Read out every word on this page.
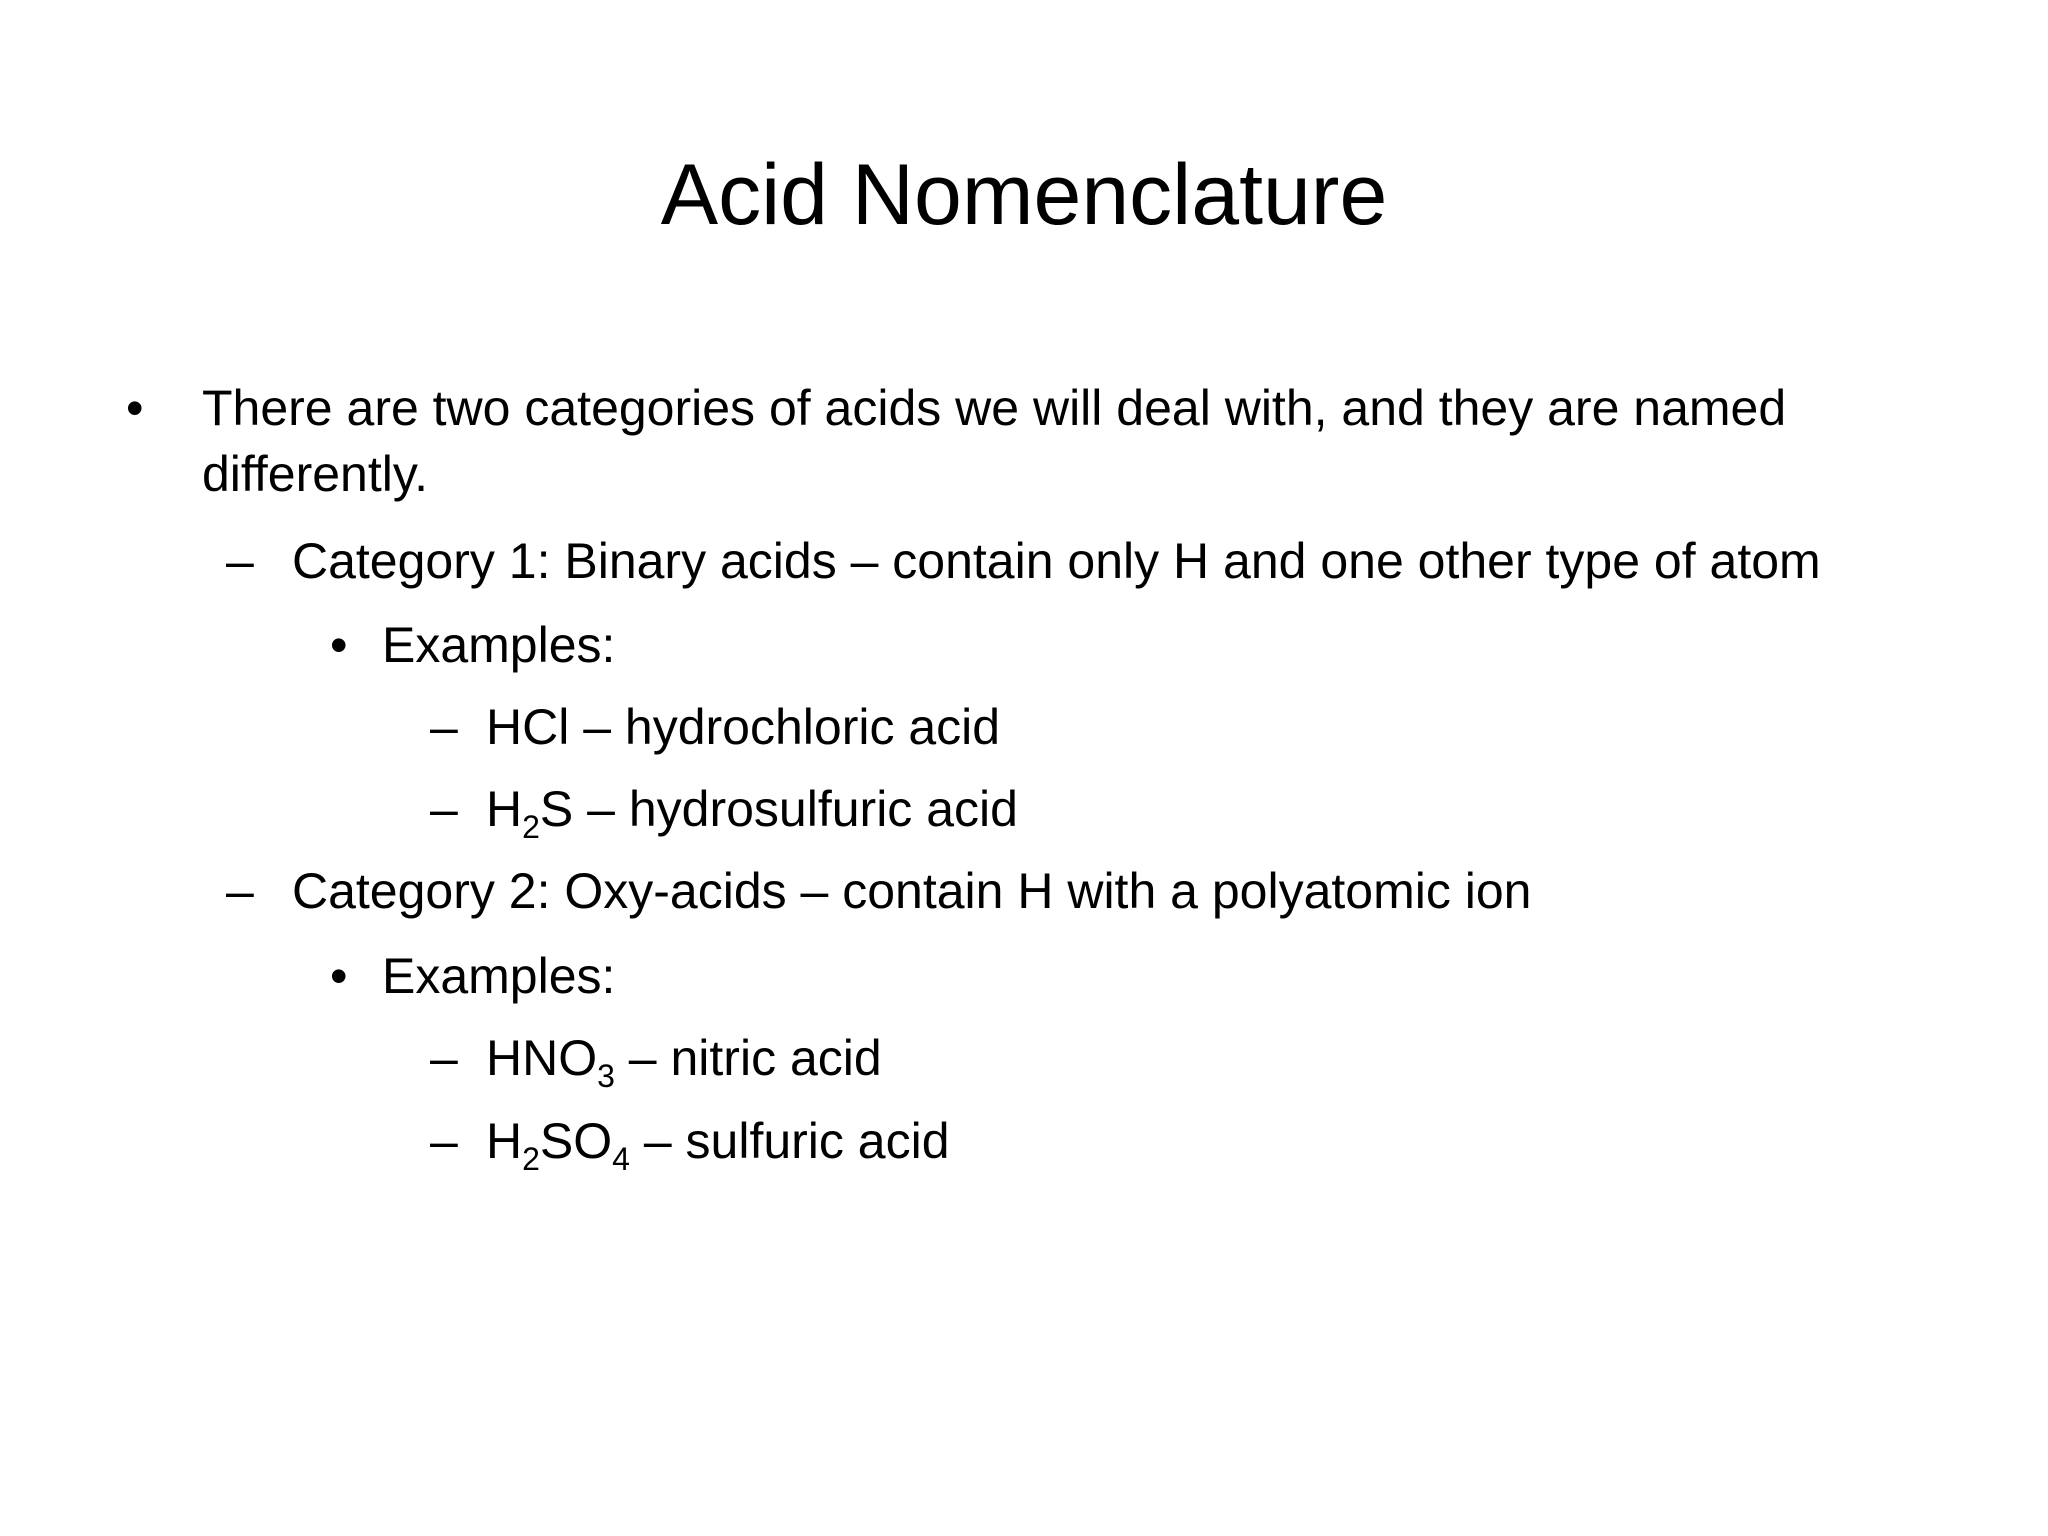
Acid Nomenclature
• There are two categories of acids we will deal with, and they are named
differently.
– Category 1: Binary acids – contain only H and one other type of atom
• Examples:
– HCl – hydrochloric acid
– $H_2S$ – hydrosulfuric acid
– Category 2: Oxy-acids – contain H with a polyatomic ion
• Examples:
– $HNO_3$ – nitric acid
– $H_2SO_4$ – sulfuric acid
